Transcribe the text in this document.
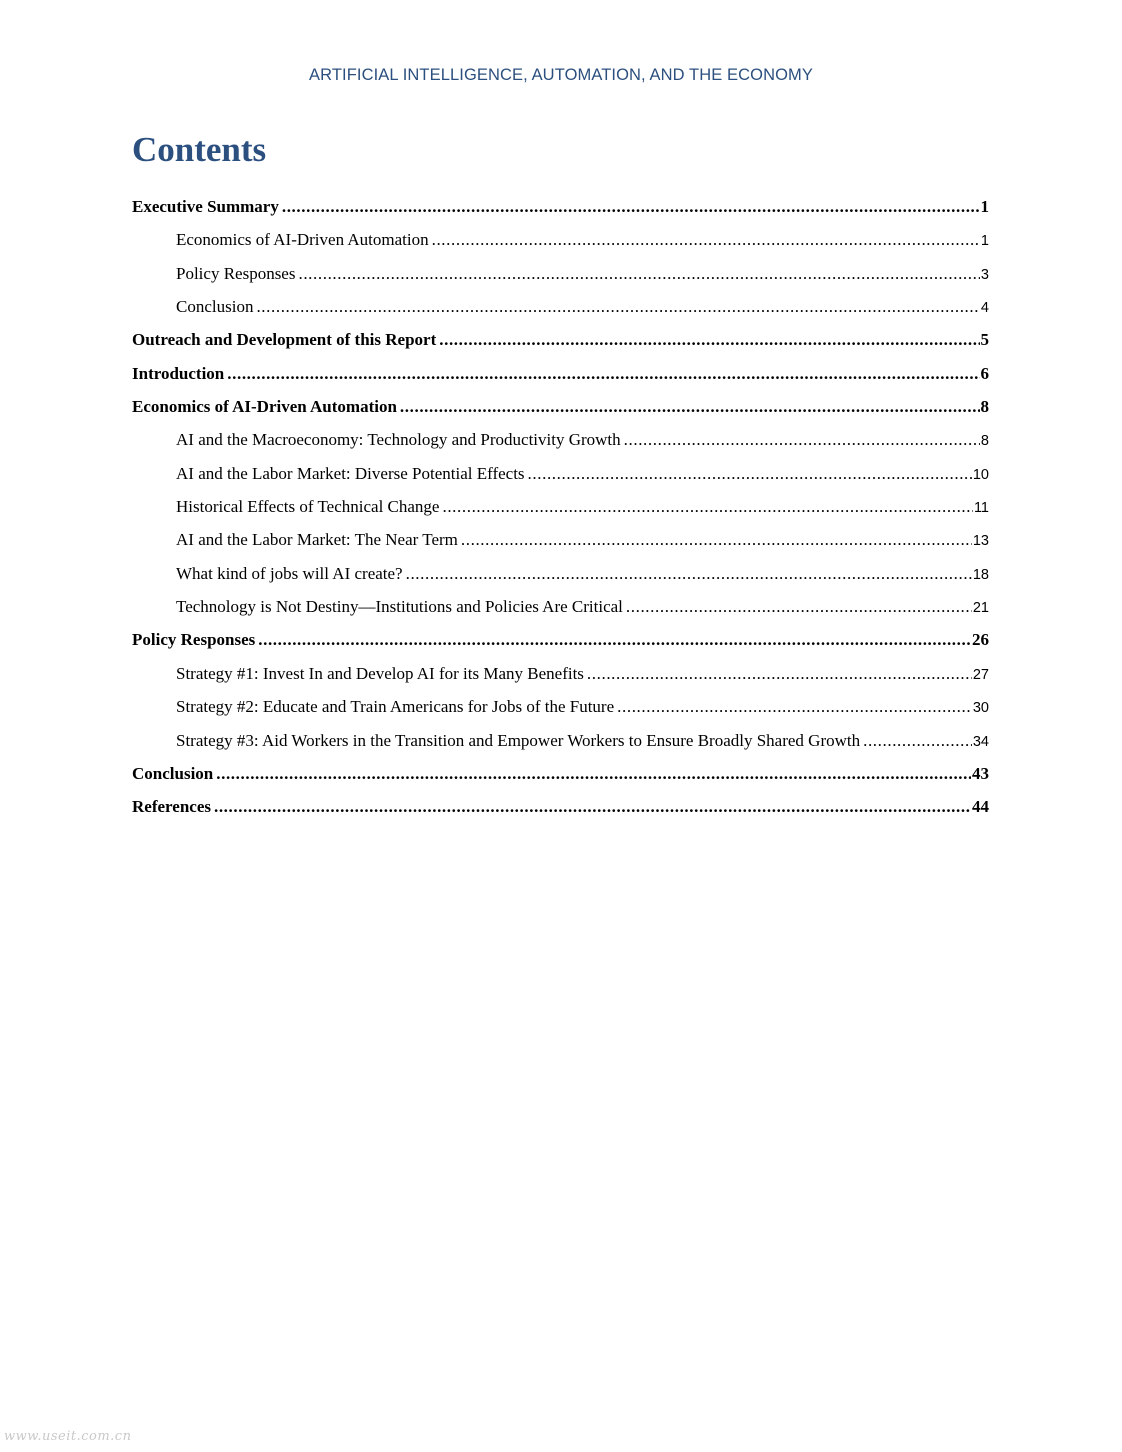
ARTIFICIAL INTELLIGENCE, AUTOMATION, AND THE ECONOMY
Contents
Executive Summary .....	1
Economics of AI-Driven Automation .....	1
Policy Responses .....	3
Conclusion .....	4
Outreach and Development of this Report .....	5
Introduction .....	6
Economics of AI-Driven Automation .....	8
AI and the Macroeconomy: Technology and Productivity Growth .....	8
AI and the Labor Market: Diverse Potential Effects .....	10
Historical Effects of Technical Change .....	11
AI and the Labor Market: The Near Term .....	13
What kind of jobs will AI create? .....	18
Technology is Not Destiny—Institutions and Policies Are Critical .....	21
Policy Responses .....	26
Strategy #1: Invest In and Develop AI for its Many Benefits .....	27
Strategy #2: Educate and Train Americans for Jobs of the Future .....	30
Strategy #3: Aid Workers in the Transition and Empower Workers to Ensure Broadly Shared Growth .....	34
Conclusion .....	43
References .....	44
www.useit.com.cn
